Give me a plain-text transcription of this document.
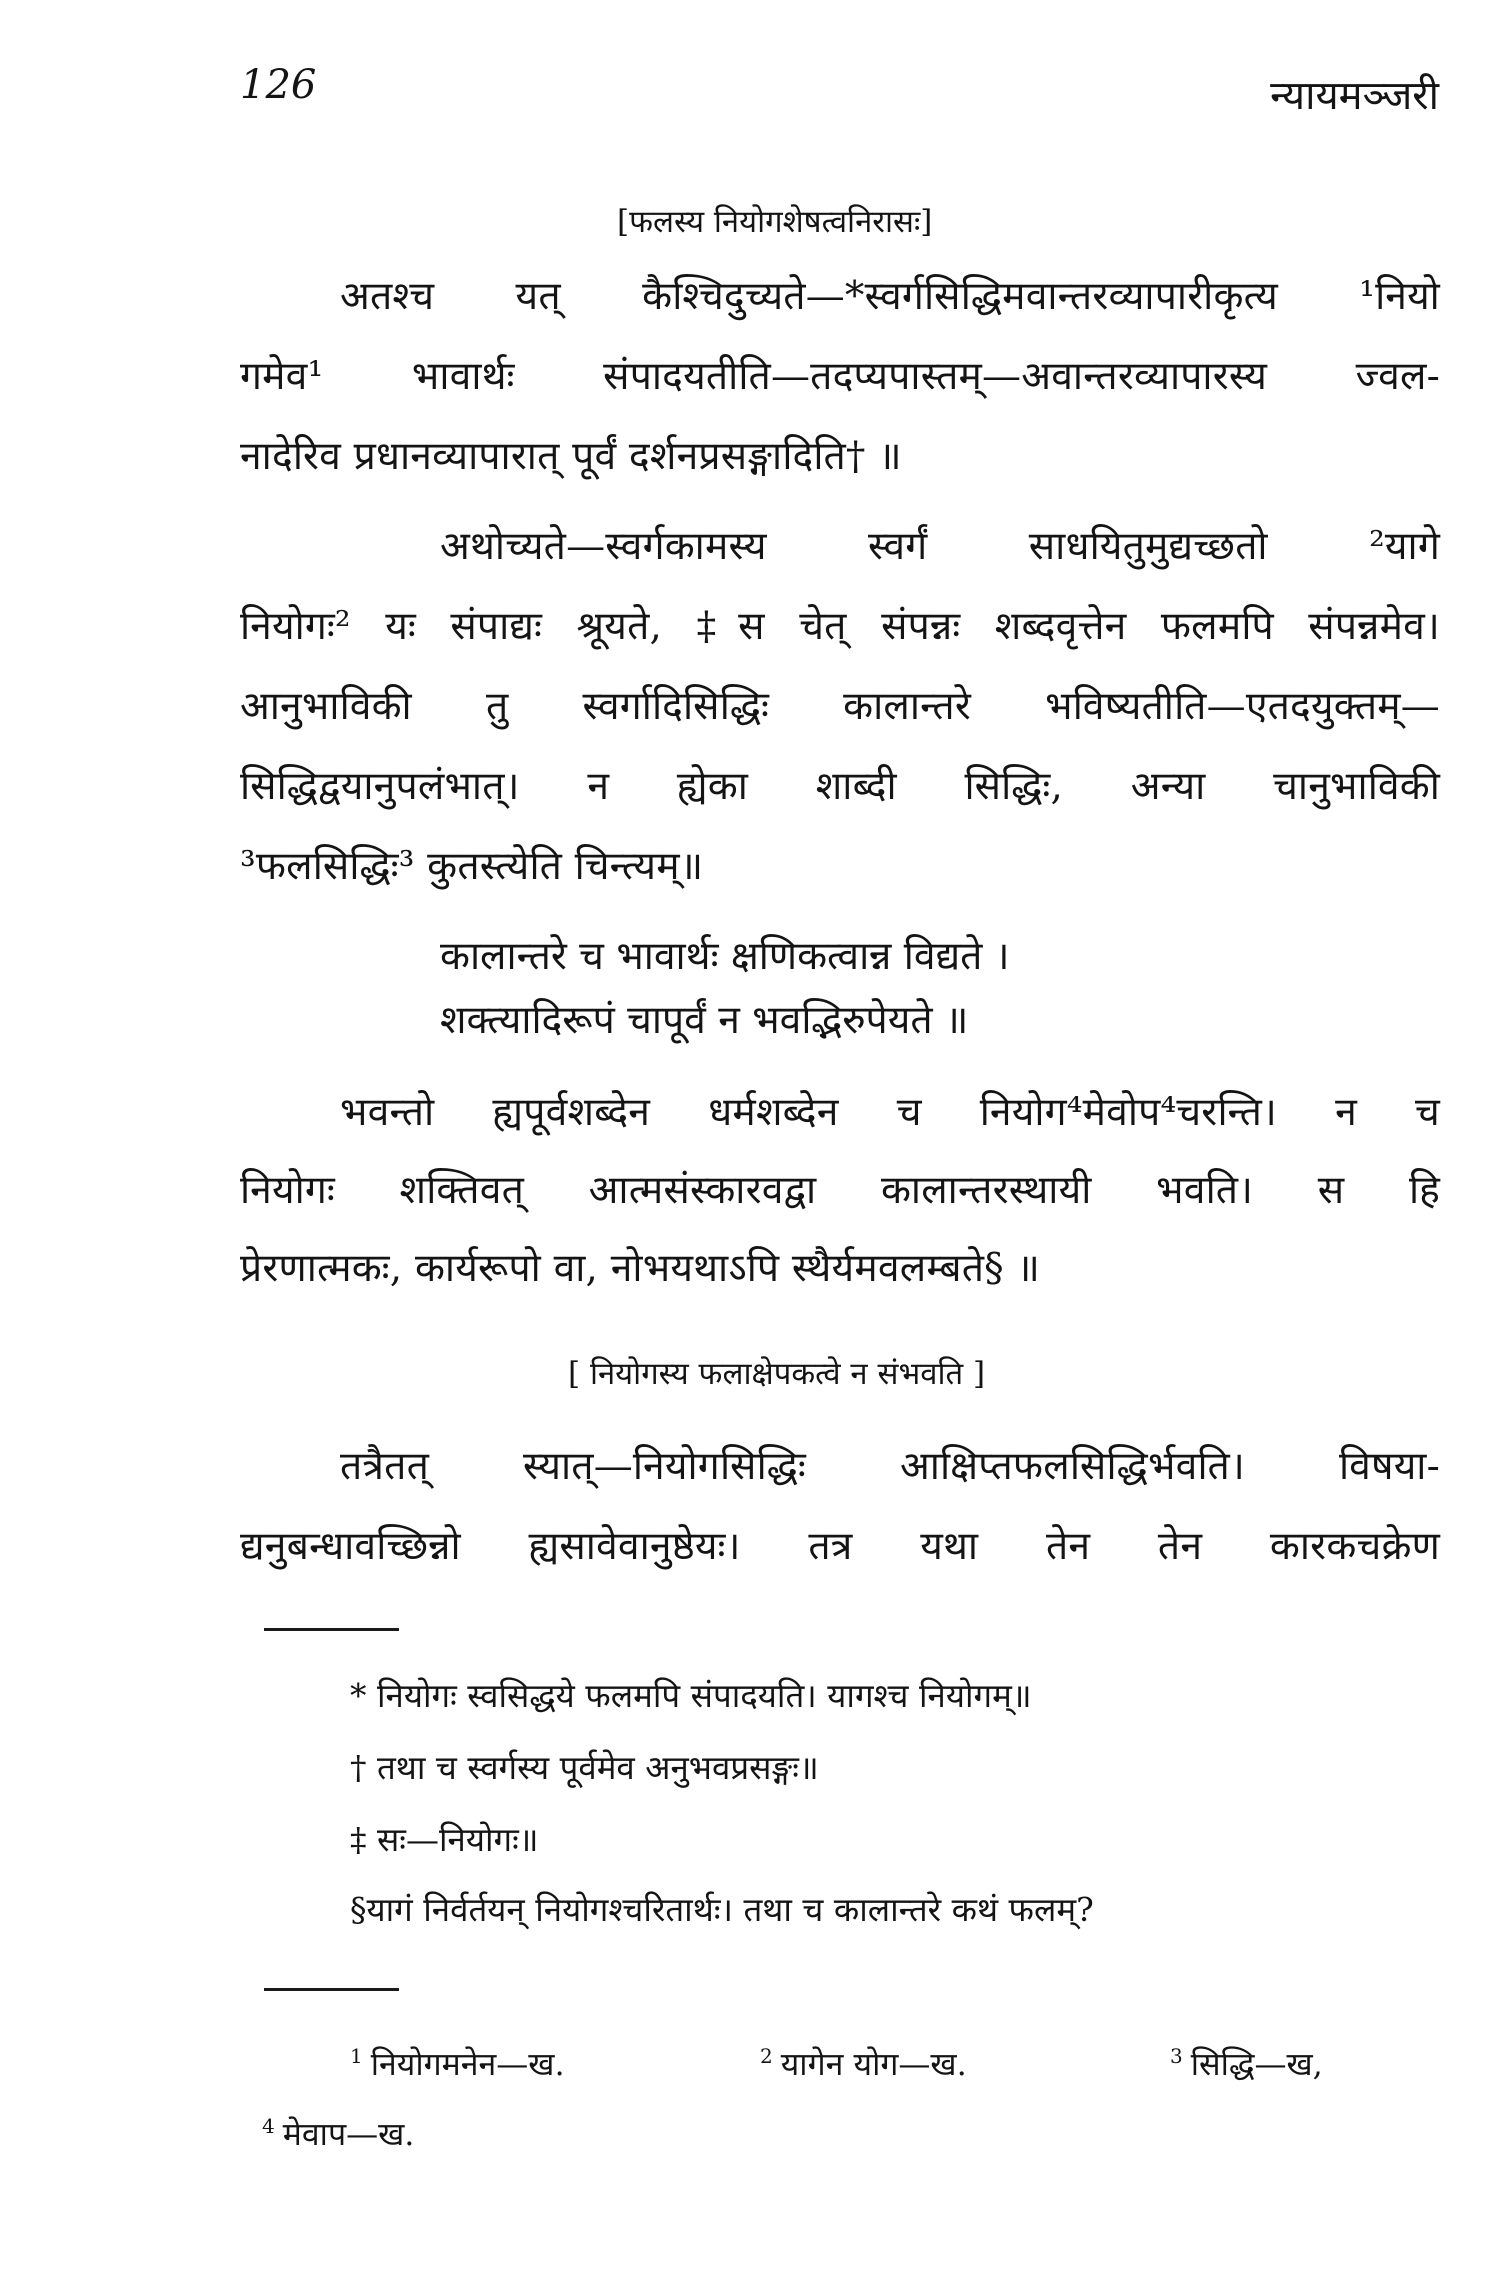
126	न्यायमञ्जरी
[फलस्य नियोगशेषत्वनिरासः]
अतश्च यत् कैश्चिदुच्यते—*स्वर्गसिद्धिमवान्तरव्यापारीकृत्य ¹नियो
गमेव¹ भावार्थः संपादयतीति—तदप्यपास्तम्—अवान्तरव्यापारस्य ज्वल-
नादेरिव प्रधानव्यापारात् पूर्वं दर्शनप्रसङ्गादिति† ॥
अथोच्यते—स्वर्गकामस्य स्वर्गं साधयितुमुद्यच्छतो ²यागे
नियोगः² यः संपाद्यः श्रूयते, ‡स चेत् संपन्नः शब्दवृत्तेन फलमपि संपन्नमेव।
आनुभाविकी तु स्वर्गादिसिद्धिः कालान्तरे भविष्यतीति—एतदयुक्तम्—
सिद्धिद्वयानुपलंभात्। न ह्येका शाब्दी सिद्धिः, अन्या चानुभाविकी
³फलसिद्धिः³ कुतस्त्येति चिन्त्यम्॥
कालान्तरे च भावार्थः क्षणिकत्वान्न विद्यते ।
शक्त्यादिरूपं चापूर्वं न भवद्भिरुपेयते ॥
भवन्तो ह्यपूर्वशब्देन धर्मशब्देन च नियोग⁴मेवोप⁴चरन्ति। न च
नियोगः शक्तिवत् आत्मसंस्कारवद्वा कालान्तरस्थायी भवति। स हि
प्रेरणात्मकः, कार्यरूपो वा, नोभयथाऽपि स्थैर्यमवलम्बते§ ॥
[ नियोगस्य फलाक्षेपकत्वे न संभवति ]
तत्रैतत् स्यात्—नियोगसिद्धिः आक्षिप्तफलसिद्धिर्भवति। विषया-
द्यनुबन्धावच्छिन्नो ह्यसावेवानुष्ठेयः। तत्र यथा तेन तेन कारकचक्रेण
* नियोगः स्वसिद्धये फलमपि संपादयति। यागश्च नियोगम्॥
† तथा च स्वर्गस्य पूर्वमेव अनुभवप्रसङ्गः॥
‡ सः—नियोगः॥
§यागं निर्वर्तयन् नियोगश्चरितार्थः। तथा च कालान्तरे कथं फलम्?
$^1$ नियोगमनेन—ख.	$^2$ यागेन योग—ख.	$^3$ सिद्धि—ख,
$^4$ मेवाप—ख.
